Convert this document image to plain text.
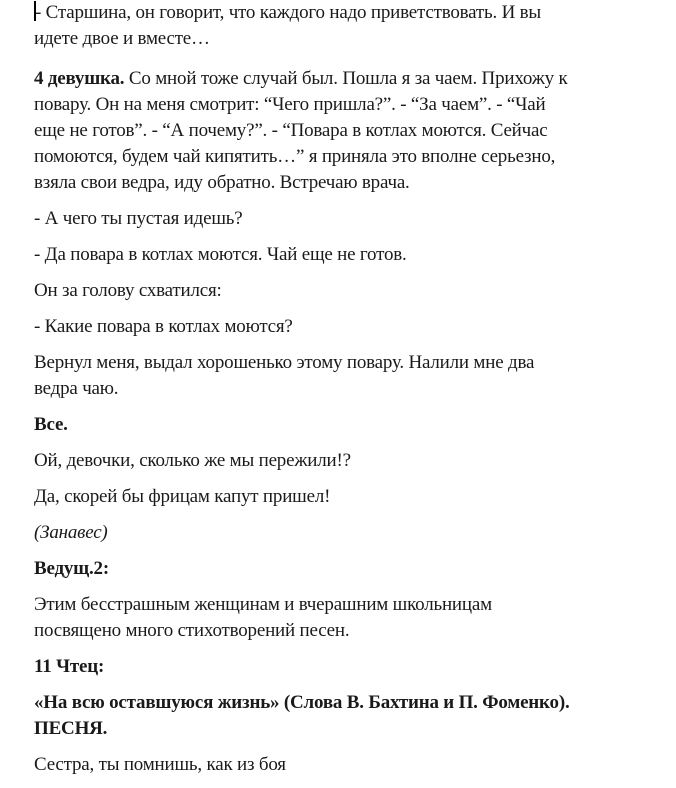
- Старшина, он говорит, что каждого надо приветствовать. И вы
идете двое и вместе…

4 девушка. Со мной тоже случай был. Пошла я за чаем. Прихожу к
повару. Он на меня смотрит: “Чего пришла?”. - “За чаем”. - “Чай
еще не готов”. - “А почему?”. - “Повара в котлах моются. Сейчас
помоются, будем чай кипятить…” я приняла это вполне серьезно,
взяла свои ведра, иду обратно. Встречаю врача.

- А чего ты пустая идешь?

- Да повара в котлах моются. Чай еще не готов.

Он за голову схватился:

- Какие повара в котлах моются?

Вернул меня, выдал хорошенько этому повару. Налили мне два
ведра чаю.

Все.

Ой, девочки, сколько же мы пережили!?

Да, скорей бы фрицам капут пришел!

(Занавес)

Ведущ.2:

Этим бесстрашным женщинам и вчерашним школьницам
посвящено много стихотворений песен.

11 Чтец:

«На всю оставшуюся жизнь» (Слова В. Бахтина и П. Фоменко).
ПЕСНЯ.

Сестра, ты помнишь, как из боя
